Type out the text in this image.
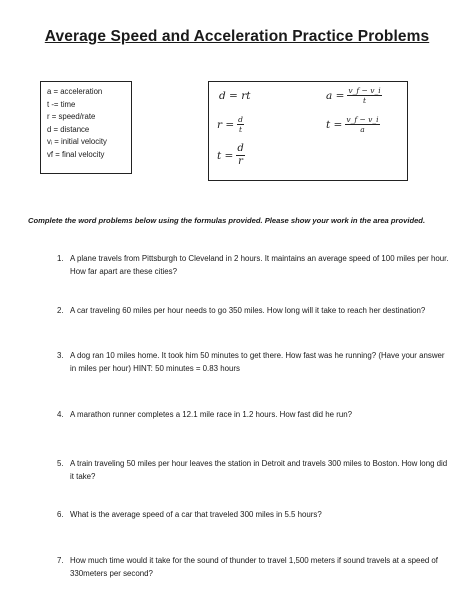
Average Speed and Acceleration Practice Problems
a = acceleration
t -= time
r = speed/rate
d = distance
vᵢ = initial velocity
vf = final velocity
d =
rt	$a = \frac{v\_f - v\_i}{t}$
$r = \frac{d}{t}$	$t = \frac{v\_f - v\_i}{a}$
$t = \frac{d}{r}$
Complete the word problems below using the formulas provided. Please show your work in the area provided.
1. A plane travels from Pittsburgh to Cleveland in 2 hours. It maintains an average speed of 100 miles per hour. How far apart are these cities?
2. A car traveling 60 miles per hour needs to go 350 miles. How long will it take to reach her destination?
3. A dog ran 10 miles home. It took him 50 minutes to get there. How fast was he running? (Have your answer in miles per hour) HINT: 50 minutes = 0.83 hours
4. A marathon runner completes a 12.1 mile race in 1.2 hours. How fast did he run?
5. A train traveling 50 miles per hour leaves the station in Detroit and travels 300 miles to Boston. How long did it take?
6. What is the average speed of a car that traveled 300 miles in 5.5 hours?
7. How much time would it take for the sound of thunder to travel 1,500 meters if sound travels at a speed of 330meters per second?
